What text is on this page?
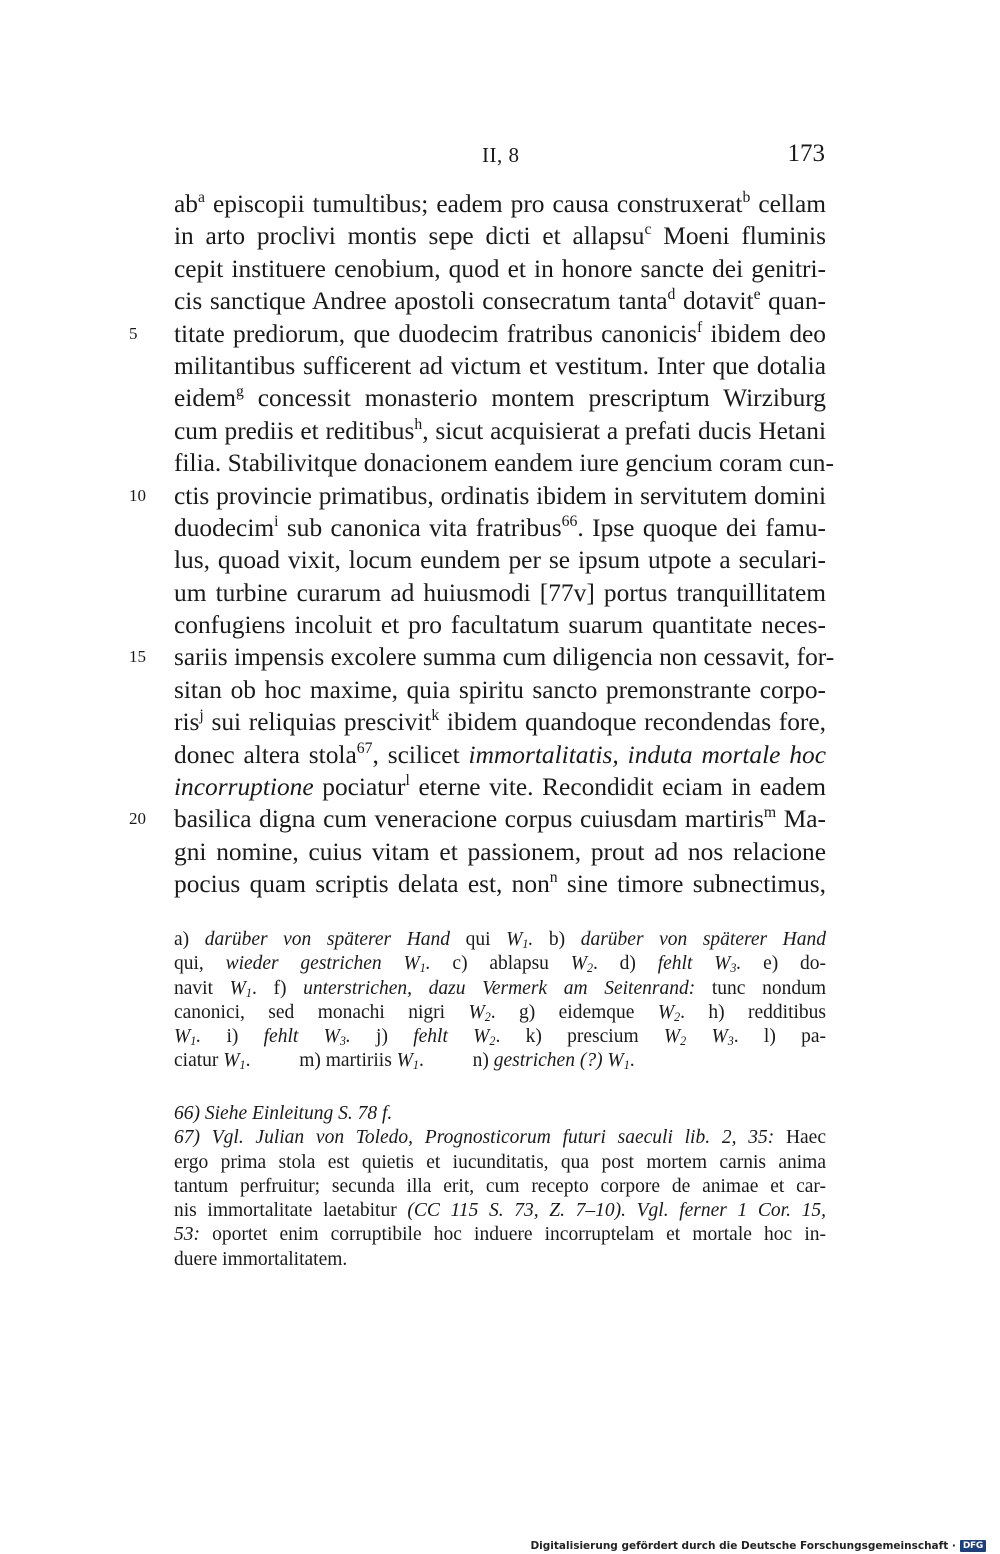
II, 8	173
$ab^a$ episcopii tumultibus; eadem pro causa construxerat$^b$ cellam
in arto proclivi montis sepe dicti et allapsu$^c$ Moeni fluminis
cepit instituere cenobium, quod et in honore sancte dei genitri-
cis sanctique Andree apostoli consecratum tanta$^d$ dotavit$^e$ quan-
5	titate prediorum, que duodecim fratribus canonicis$^f$ ibidem deo
militantibus sufficerent ad victum et vestitum. Inter que dotalia
eidem$^g$ concessit monasterio montem prescriptum Wirziburg
cum prediis et reditibus$^h$, sicut acquisierat a prefati ducis Hetani
filia. Stabilivitque donacionem eandem iure gencium coram cun-
10 ctis provincie primatibus, ordinatis ibidem in servitutem domini
duodecim$^i$ sub canonica vita fratribus$^{66}$. Ipse quoque dei famu-
lus, quoad vixit, locum eundem per se ipsum utpote a seculari-
um turbine curarum ad huiusmodi [77v] portus tranquillitatem
confugiens incoluit et pro facultatum suarum quantitate neces-
15 sariis impensis excolere summa cum diligencia non cessavit, for-
sitan ob hoc maxime, quia spiritu sancto premonstrante corpo-
ris$^j$ sui reliquias prescivit$^k$ ibidem quandoque recondendas fore,
donec altera stola$^{67}$, scilicet immortalitatis, induta mortale hoc
incorruptione pociatur$^l$ eterne vite. Recondidit eciam in eadem
20 basilica digna cum veneracione corpus cuiusdam martiris$^m$ Ma-
gni nomine, cuius vitam et passionem, prout ad nos relacione
pocius quam scriptis delata est, non$^n$ sine timore subnectimus,
a) darüber von späterer Hand qui $W_1$. b) darüber von späterer Hand
qui, wieder gestrichen $W_1$. c) ablapsu $W_2$. d) fehlt $W_3$. e) do-
navit $W_1$. f) unterstrichen, dazu Vermerk am Seitenrand: tunc nondum
canonici, sed monachi nigri $W_2$. g) eidemque $W_2$. h) redditibus
$W_1$. i) fehlt $W_3$. j) fehlt $W_2$. k) prescium $W_2$ $W_3$. l) pa-
ciatur $W_1$.	m) martiriis $W_1$.	n) gestrichen (?) $W_1$.
66) Siehe Einleitung S. 78 f.
67) Vgl. Julian von Toledo, Prognosticorum futuri saeculi lib. 2, 35: Haec
ergo prima stola est quietis et iucunditatis, qua post mortem carnis anima
tantum perfruitur; secunda illa erit, cum recepto corpore de animae et car-
nis immortalitate laetabitur (CC 115 S. 73, Z. 7–10). Vgl. ferner 1 Cor. 15,
53: oportet enim corruptibile hoc induere incorruptelam et mortale hoc in-
duere immortalitatem.
Digitalisierung gefördert durch die Deutsche Forschungsgemeinschaft · DFG
